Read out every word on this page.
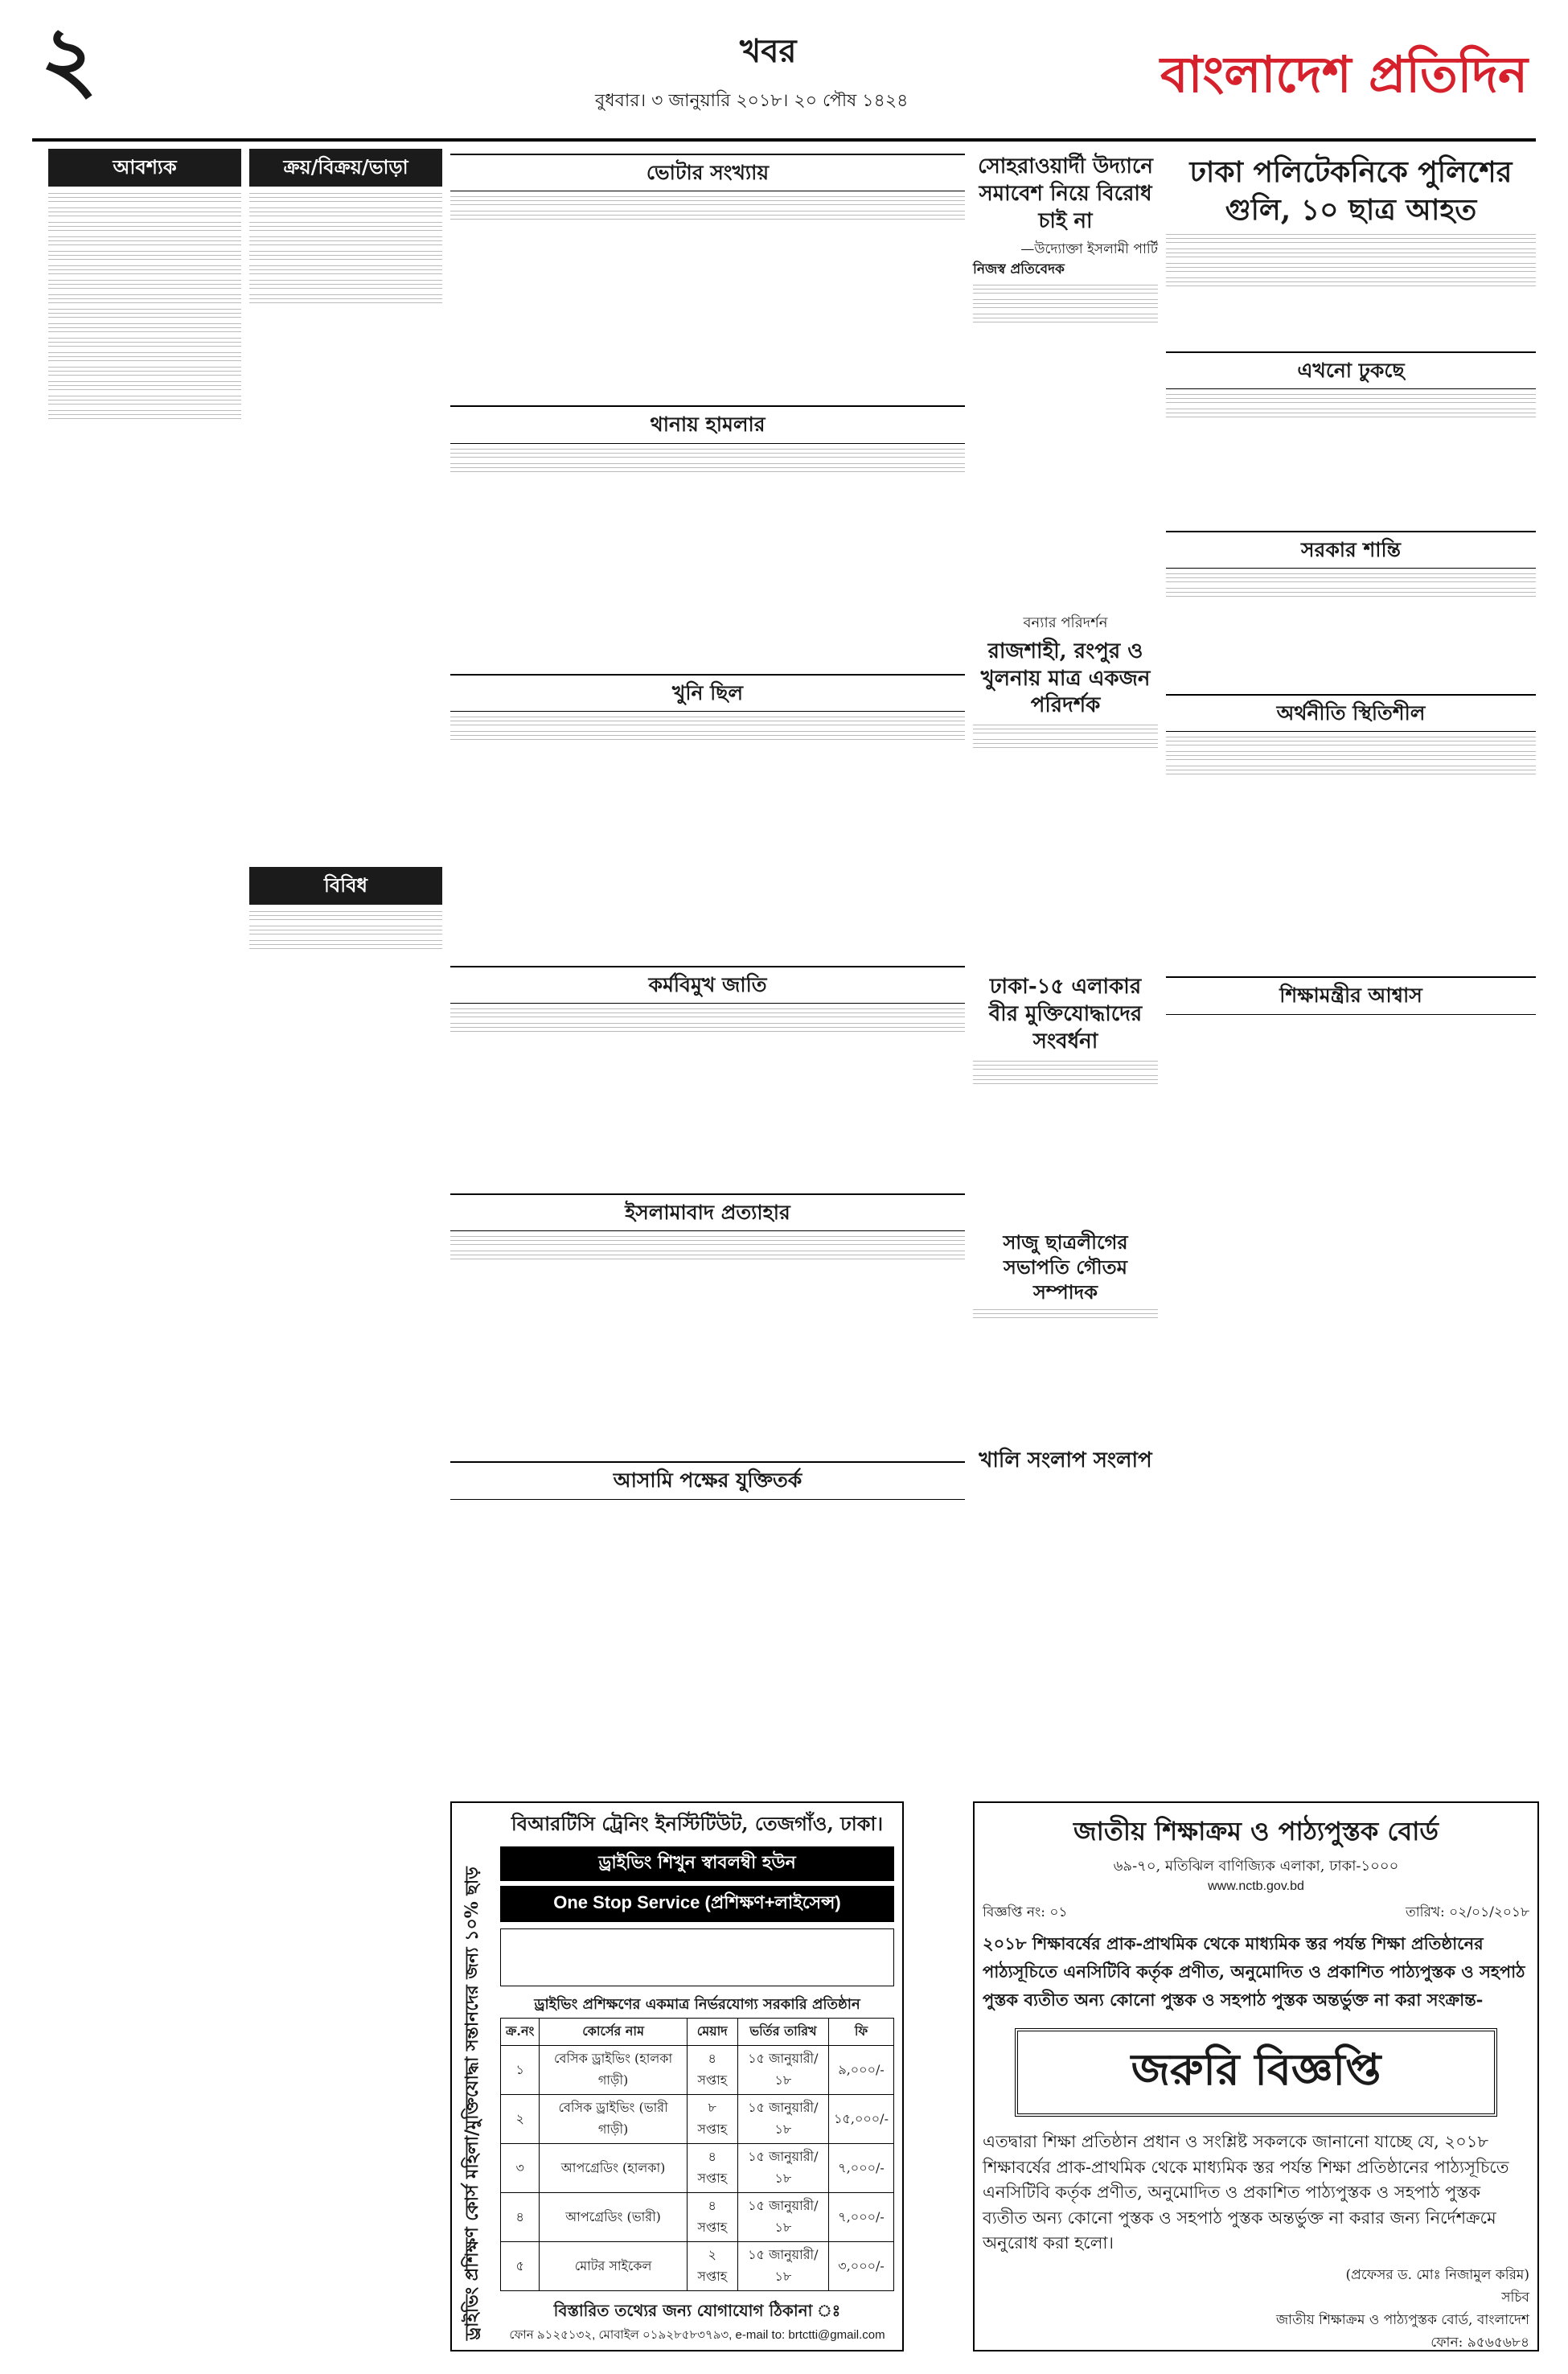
২	খবর
বুধবার। ৩ জানুয়ারি ২০১৮। ২০ পৌষ ১৪২৪	বাংলাদেশ প্রতিদিন
আবশ্যক	ক্রয়/বিক্রয়/ভাড়া
বিবিধ
ভোটার সংখ্যায়
থানায় হামলার
খুনি ছিল
কর্মবিমুখ জাতি
ইসলামাবাদ প্রত্যাহার
আসামি পক্ষের যুক্তিতর্ক
সোহরাওয়ার্দী উদ্যানে সমাবেশ নিয়ে বিরোধ চাই না
—উদ্যোক্তা ইসলামী পার্টি
নিজস্ব প্রতিবেদক
বন্যার পরিদর্শন
রাজশাহী, রংপুর ও খুলনায় মাত্র একজন পরিদর্শক
ঢাকা-১৫ এলাকার বীর মুক্তিযোদ্ধাদের সংবর্ধনা
সাজু ছাত্রলীগের সভাপতি গৌতম সম্পাদক
খালি সংলাপ সংলাপ
ঢাকা পলিটেকনিকে পুলিশের গুলি, ১০ ছাত্র আহত
এখনো ঢুকছে
সরকার শান্তি
অর্থনীতি স্থিতিশীল
শিক্ষামন্ত্রীর আশ্বাস
ড্রাইভিং প্রশিক্ষণ কোর্স মহিলা/মুক্তিযোদ্ধা সন্তানদের জন্য ১০% ছাড়
বিআরটিসি ট্রেনিং ইনস্টিটিউট, তেজগাঁও, ঢাকা।
ড্রাইভিং শিখুন স্বাবলম্বী হউন
One Stop Service (প্রশিক্ষণ+লাইসেন্স)
ড্রাইভিং প্রশিক্ষণের একমাত্র নির্ভরযোগ্য সরকারি প্রতিষ্ঠান
ক্র.নং	কোর্সের নাম	মেয়াদ	ভর্তির তারিখ	ফি
১	বেসিক ড্রাইভিং (হালকা গাড়ী)	৪ সপ্তাহ	১৫ জানুয়ারী/১৮	৯,০০০/-
২	বেসিক ড্রাইভিং (ভারী গাড়ী)	৮ সপ্তাহ	১৫ জানুয়ারী/১৮	১৫,০০০/-
৩	আপগ্রেডিং (হালকা)	৪ সপ্তাহ	১৫ জানুয়ারী/১৮	৭,০০০/-
৪	আপগ্রেডিং (ভারী)	৪ সপ্তাহ	১৫ জানুয়ারী/১৮	৭,০০০/-
৫	মোটর সাইকেল	২ সপ্তাহ	১৫ জানুয়ারী/১৮	৩,০০০/-
বিস্তারিত তথ্যের জন্য যোগাযোগ ঠিকানা ঃ
ফোন ৯১২৫১৩২, মোবাইল ০১৯২৮৫৮৩৭৯৩, e-mail to: brtctti@gmail.com
জাতীয় শিক্ষাক্রম ও পাঠ্যপুস্তক বোর্ড
৬৯-৭০, মতিঝিল বাণিজ্যিক এলাকা, ঢাকা-১০০০
www.nctb.gov.bd
বিজ্ঞপ্তি নং: ০১	তারিখ: ০২/০১/২০১৮
২০১৮ শিক্ষাবর্ষের প্রাক-প্রাথমিক থেকে মাধ্যমিক স্তর পর্যন্ত শিক্ষা প্রতিষ্ঠানের পাঠ্যসূচিতে এনসিটিবি কর্তৃক প্রণীত, অনুমোদিত ও প্রকাশিত পাঠ্যপুস্তক ও সহপাঠ পুস্তক ব্যতীত অন্য কোনো পুস্তক ও সহপাঠ পুস্তক অন্তর্ভুক্ত না করা সংক্রান্ত-
জরুরি বিজ্ঞপ্তি
এতদ্বারা শিক্ষা প্রতিষ্ঠান প্রধান ও সংশ্লিষ্ট সকলকে জানানো যাচ্ছে যে, ২০১৮ শিক্ষাবর্ষের প্রাক-প্রাথমিক থেকে মাধ্যমিক স্তর পর্যন্ত শিক্ষা প্রতিষ্ঠানের পাঠ্যসূচিতে এনসিটিবি কর্তৃক প্রণীত, অনুমোদিত ও প্রকাশিত পাঠ্যপুস্তক ও সহপাঠ পুস্তক ব্যতীত অন্য কোনো পুস্তক ও সহপাঠ পুস্তক অন্তর্ভুক্ত না করার জন্য নির্দেশক্রমে অনুরোধ করা হলো।
(প্রফেসর ড. মোঃ নিজামুল করিম)
সচিব
জাতীয় শিক্ষাক্রম ও পাঠ্যপুস্তক বোর্ড, বাংলাদেশ
ফোন: ৯৫৬৫৬৮৪
